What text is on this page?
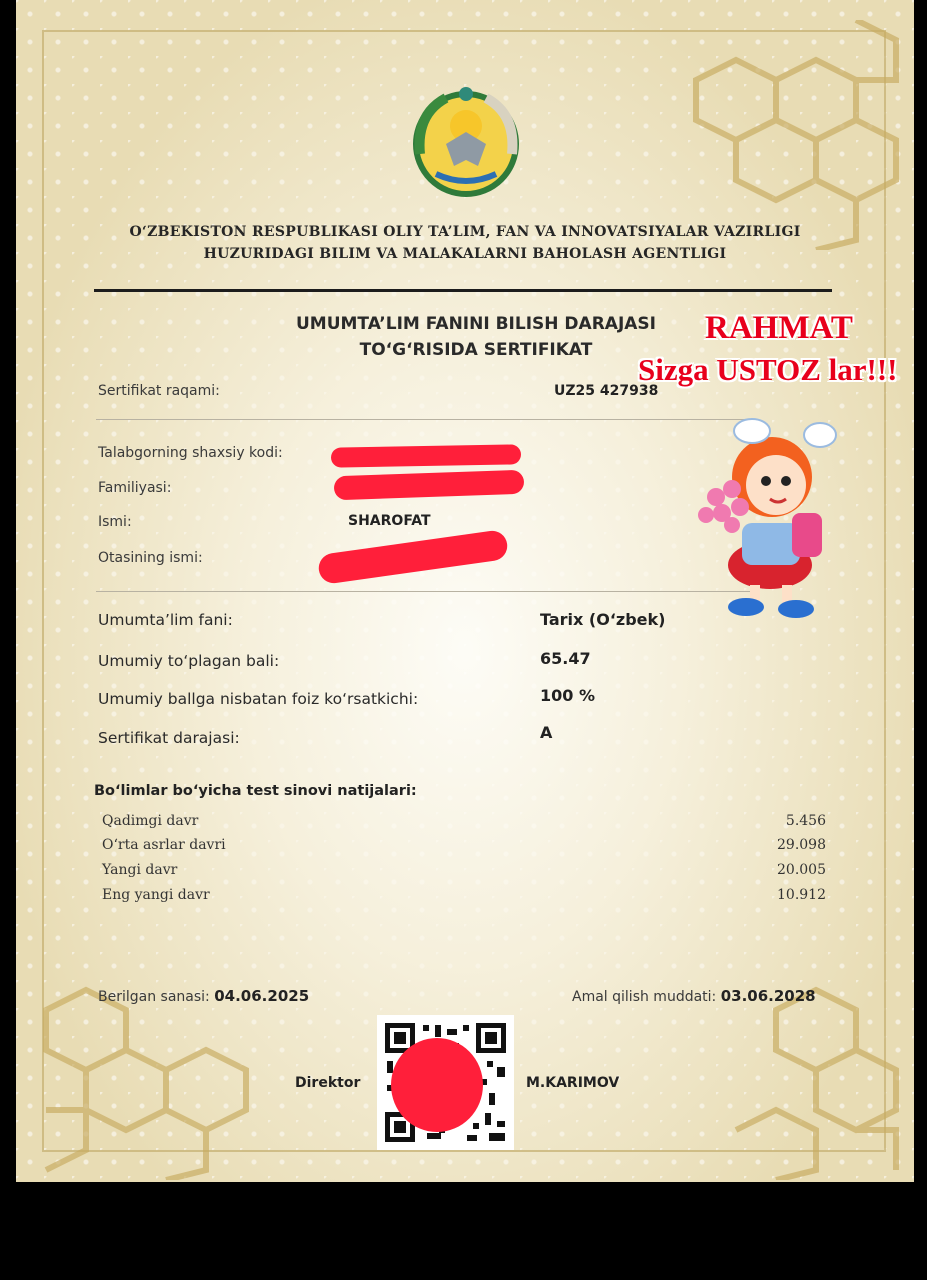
O‘ZBEKISTON RESPUBLIKASI OLIY TA’LIM, FAN VA INNOVATSIYALAR VAZIRLIGI
HUZURIDAGI BILIM VA MALAKALARNI BAHOLASH AGENTLIGI
UMUMTA’LIM FANINI BILISH DARAJASI
TO‘G‘RISIDA SERTIFIKAT
Sertifikat raqami:	UZ25 427938
Talabgorning shaxsiy kodi:
Familiyasi:
Ismi:	SHAROFAT
Otasining ismi:
Umumta’lim fani:	Tarix (O‘zbek)
Umumiy to‘plagan bali:	65.47
Umumiy ballga nisbatan foiz ko‘rsatkichi:	100 %
Sertifikat darajasi:	A
Bo‘limlar bo‘yicha test sinovi natijalari:
Qadimgi davr	5.456
O‘rta asrlar davri	29.098
Yangi davr	20.005
Eng yangi davr	10.912
Berilgan sanasi: 04.06.2025	Amal qilish muddati: 03.06.2028
Direktor	M.KARIMOV
RAHMAT
Sizga USTOZ lar!!!
